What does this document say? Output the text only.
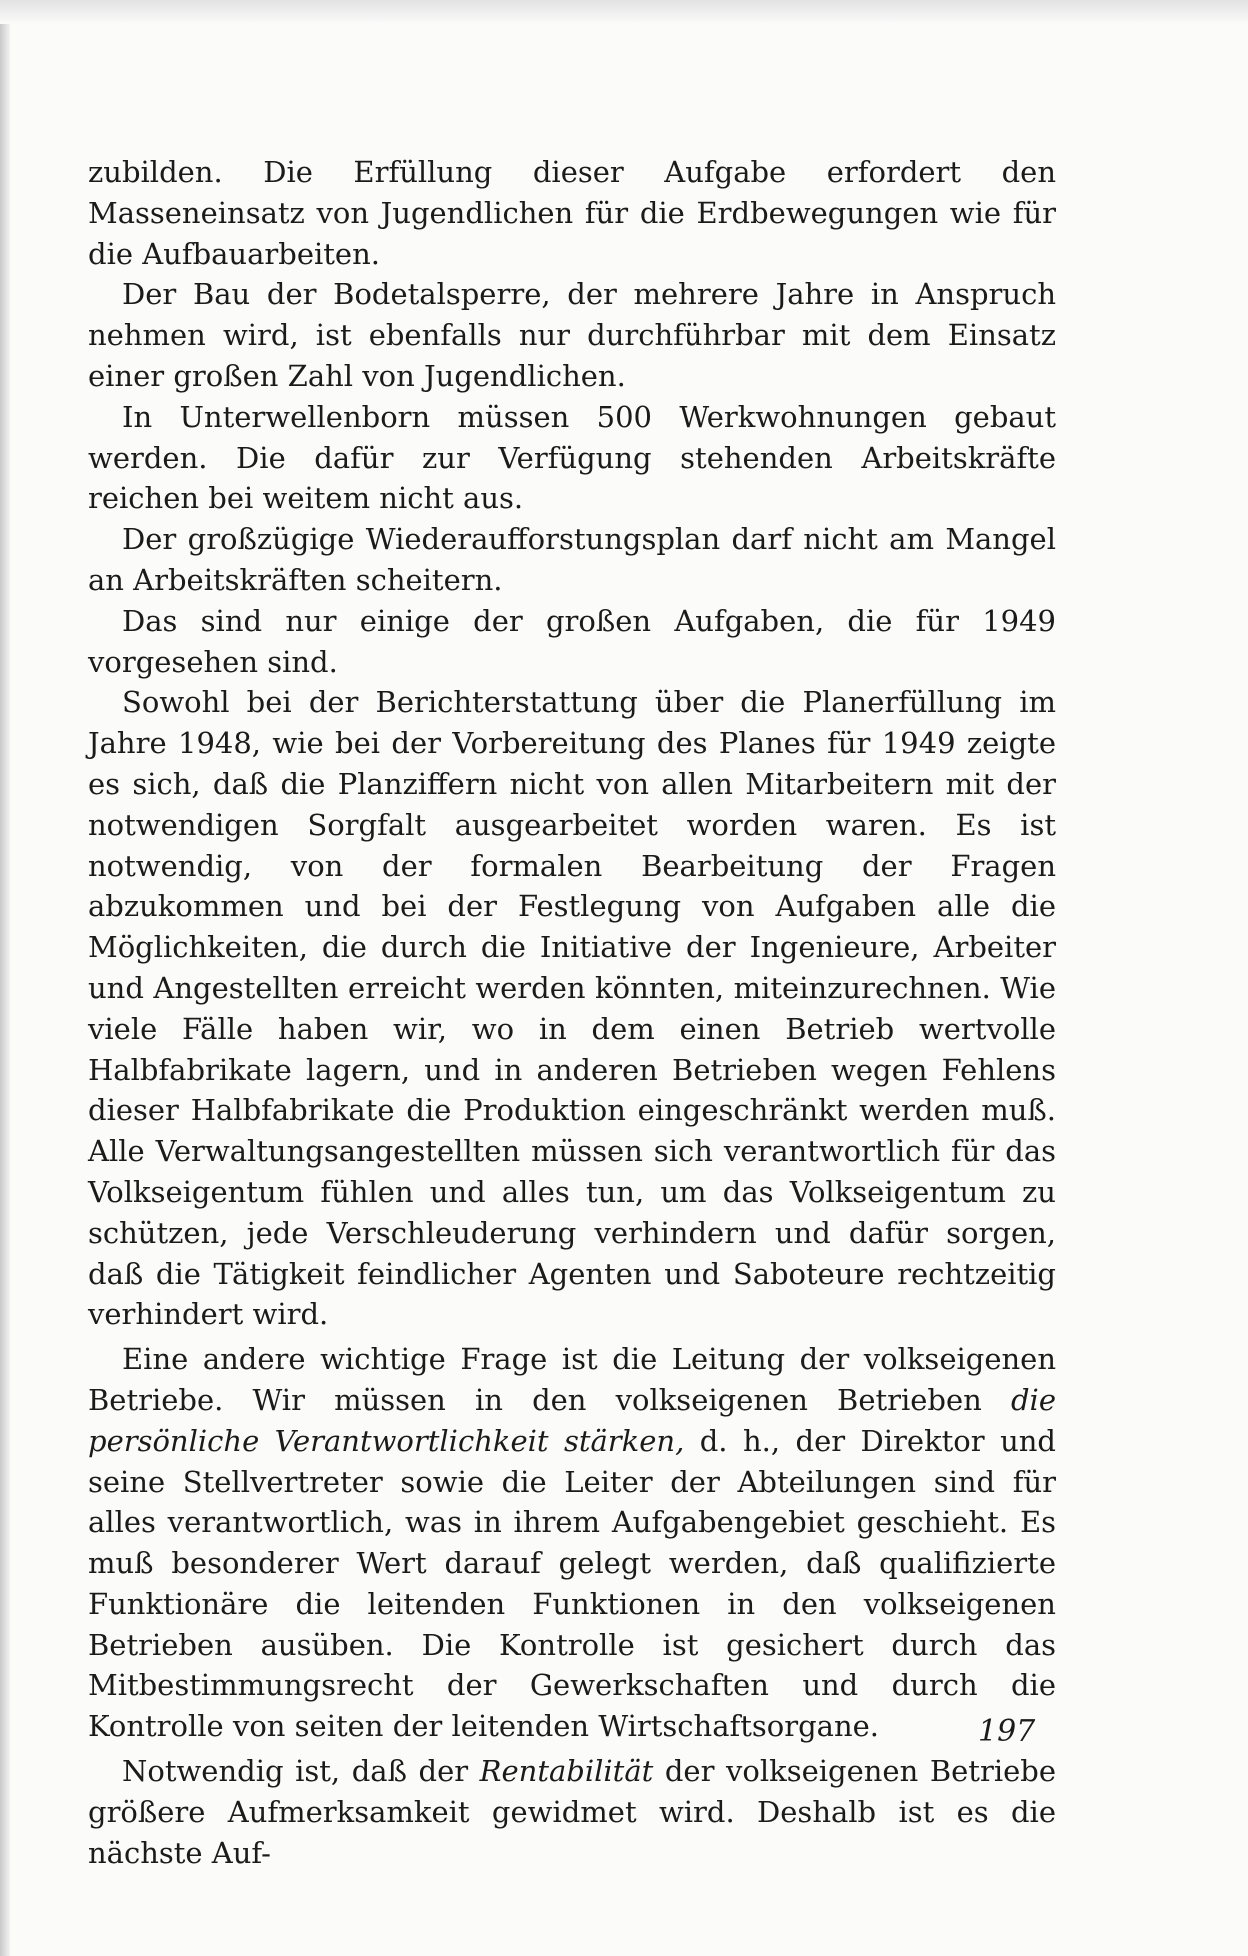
zubilden. Die Erfüllung dieser Aufgabe erfordert den Masseneinsatz von Jugendlichen für die Erdbewegungen wie für die Aufbauarbeiten.

Der Bau der Bodetalsperre, der mehrere Jahre in Anspruch nehmen wird, ist ebenfalls nur durchführbar mit dem Einsatz einer großen Zahl von Jugendlichen.

In Unterwellenborn müssen 500 Werkwohnungen gebaut werden. Die dafür zur Verfügung stehenden Arbeitskräfte reichen bei weitem nicht aus.

Der großzügige Wiederaufforstungsplan darf nicht am Mangel an Arbeitskräften scheitern.

Das sind nur einige der großen Aufgaben, die für 1949 vorgesehen sind.

Sowohl bei der Berichterstattung über die Planerfüllung im Jahre 1948, wie bei der Vorbereitung des Planes für 1949 zeigte es sich, daß die Planziffern nicht von allen Mitarbeitern mit der notwendigen Sorgfalt ausgearbeitet worden waren. Es ist notwendig, von der formalen Bearbeitung der Fragen abzukommen und bei der Festlegung von Aufgaben alle die Möglichkeiten, die durch die Initiative der Ingenieure, Arbeiter und Angestellten erreicht werden könnten, miteinzurechnen. Wie viele Fälle haben wir, wo in dem einen Betrieb wertvolle Halbfabrikate lagern, und in anderen Betrieben wegen Fehlens dieser Halbfabrikate die Produktion eingeschränkt werden muß. Alle Verwaltungsangestellten müssen sich verantwortlich für das Volkseigentum fühlen und alles tun, um das Volkseigentum zu schützen, jede Verschleuderung verhindern und dafür sorgen, daß die Tätigkeit feindlicher Agenten und Saboteure rechtzeitig verhindert wird.

Eine andere wichtige Frage ist die Leitung der volkseigenen Betriebe. Wir müssen in den volkseigenen Betrieben die persönliche Verantwortlichkeit stärken, d. h., der Direktor und seine Stellvertreter sowie die Leiter der Abteilungen sind für alles verantwortlich, was in ihrem Aufgabengebiet geschieht. Es muß besonderer Wert darauf gelegt werden, daß qualifizierte Funktionäre die leitenden Funktionen in den volkseigenen Betrieben ausüben. Die Kontrolle ist gesichert durch das Mitbestimmungsrecht der Gewerkschaften und durch die Kontrolle von seiten der leitenden Wirtschaftsorgane.

Notwendig ist, daß der Rentabilität der volkseigenen Betriebe größere Aufmerksamkeit gewidmet wird. Deshalb ist es die nächste Auf-

197
